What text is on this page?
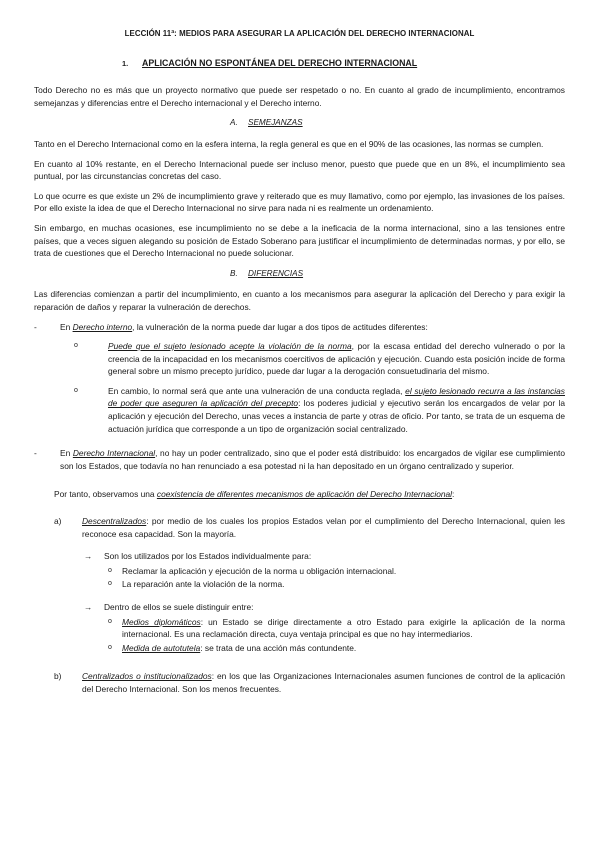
LECCIÓN 11ª: MEDIOS PARA ASEGURAR LA APLICACIÓN DEL DERECHO INTERNACIONAL
1.	APLICACIÓN NO ESPONTÁNEA DEL DERECHO INTERNACIONAL

Todo Derecho no es más que un proyecto normativo que puede ser respetado o no. En cuanto al grado de incumplimiento, encontramos semejanzas y diferencias entre el Derecho internacional y el Derecho interno.

A.	SEMEJANZAS

Tanto en el Derecho Internacional como en la esfera interna, la regla general es que en el 90% de las ocasiones, las normas se cumplen.

En cuanto al 10% restante, en el Derecho Internacional puede ser incluso menor, puesto que puede que en un 8%, el incumplimiento sea puntual, por las circunstancias concretas del caso.

Lo que ocurre es que existe un 2% de incumplimiento grave y reiterado que es muy llamativo, como por ejemplo, las invasiones de los países. Por ello existe la idea de que el Derecho Internacional no sirve para nada ni es realmente un ordenamiento.

Sin embargo, en muchas ocasiones, ese incumplimiento no se debe a la ineficacia de la norma internacional, sino a las tensiones entre países, que a veces siguen alegando su posición de Estado Soberano para justificar el incumplimiento de determinadas normas, y por ello, se trata de cuestiones que el Derecho Internacional no puede solucionar.

B.	DIFERENCIAS

Las diferencias comienzan a partir del incumplimiento, en cuanto a los mecanismos para asegurar la aplicación del Derecho y para exigir la reparación de daños y reparar la vulneración de derechos.

-	En Derecho interno, la vulneración de la norma puede dar lugar a dos tipos de actitudes diferentes:
o	Puede que el sujeto lesionado acepte la violación de la norma, por la escasa entidad del derecho vulnerado o por la creencia de la incapacidad en los mecanismos coercitivos de aplicación y ejecución. Cuando esta posición incide de forma general sobre un mismo precepto jurídico, puede dar lugar a la derogación consuetudinaria del mismo.
o	En cambio, lo normal será que ante una vulneración de una conducta reglada, el sujeto lesionado recurra a las instancias de poder que aseguren la aplicación del precepto: los poderes judicial y ejecutivo serán los encargados de velar por la aplicación y ejecución del Derecho, unas veces a instancia de parte y otras de oficio. Por tanto, se trata de un esquema de actuación jurídica que corresponde a un tipo de organización social centralizado.
-	En Derecho Internacional, no hay un poder centralizado, sino que el poder está distribuido: los encargados de vigilar ese cumplimiento son los Estados, que todavía no han renunciado a esa potestad ni la han depositado en un órgano centralizado y superior.
Por tanto, observamos una coexistencia de diferentes mecanismos de aplicación del Derecho Internacional:
a) Descentralizados: por medio de los cuales los propios Estados velan por el cumplimiento del Derecho Internacional, quien les reconoce esa capacidad. Son la mayoría.
→ Son los utilizados por los Estados individualmente para:
o Reclamar la aplicación y ejecución de la norma u obligación internacional.
o La reparación ante la violación de la norma.
→ Dentro de ellos se suele distinguir entre:
o Medios diplomáticos: un Estado se dirige directamente a otro Estado para exigirle la aplicación de la norma internacional. Es una reclamación directa, cuya ventaja principal es que no hay intermediarios.
o Medida de autotutela: se trata de una acción más contundente.
b) Centralizados o institucionalizados: en los que las Organizaciones Internacionales asumen funciones de control de la aplicación del Derecho Internacional. Son los menos frecuentes.
